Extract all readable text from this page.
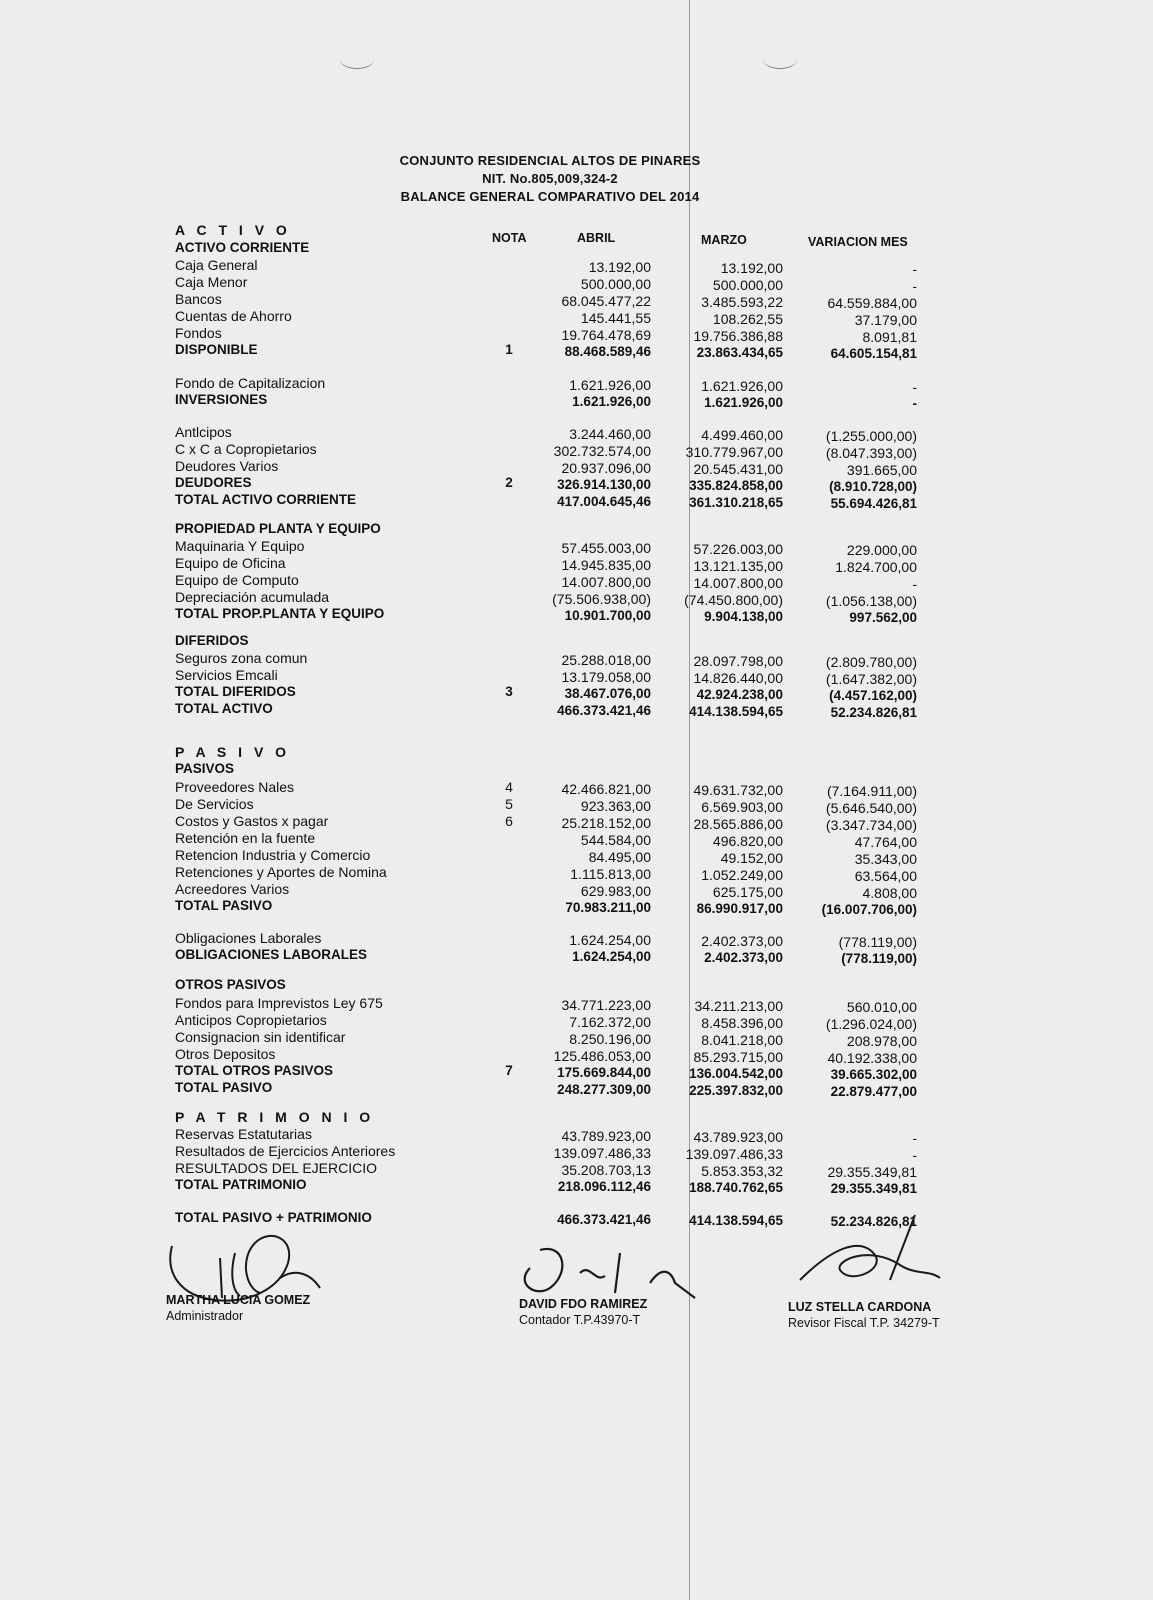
CONJUNTO RESIDENCIAL ALTOS DE PINARES
NIT. No.805,009,324-2
BALANCE GENERAL COMPARATIVO DEL 2014
NOTA	ABRIL	MARZO	VARIACION MES
A C T I V O
ACTIVO CORRIENTE
Caja General	13.192,00	13.192,00	-
Caja Menor	500.000,00	500.000,00	-
Bancos	68.045.477,22	3.485.593,22	64.559.884,00
Cuentas de Ahorro	145.441,55	108.262,55	37.179,00
Fondos	19.764.478,69	19.756.386,88	8.091,81
DISPONIBLE	1	88.468.589,46	23.863.434,65	64.605.154,81
Fondo de Capitalizacion	1.621.926,00	1.621.926,00	-
INVERSIONES	1.621.926,00	1.621.926,00	-
Antlcipos	3.244.460,00	4.499.460,00	(1.255.000,00)
C x C a Copropietarios	302.732.574,00 310.779.967,00	(8.047.393,00)
Deudores Varios	20.937.096,00	20.545.431,00	391.665,00
DEUDORES	2	326.914.130,00	335.824.858,00	(8.910.728,00)
TOTAL ACTIVO CORRIENTE	417.004.645,46	361.310.218,65	55.694.426,81
PROPIEDAD PLANTA Y EQUIPO
Maquinaria Y Equipo	57.455.003,00	57.226.003,00	229.000,00
Equipo de Oficina	14.945.835,00	13.121.135,00	1.824.700,00
Equipo de Computo	14.007.800,00	14.007.800,00	-
Depreciación acumulada	(75.506.938,00) (74.450.800,00)	(1.056.138,00)
TOTAL PROP.PLANTA Y EQUIPO	10.901.700,00	9.904.138,00	997.562,00
DIFERIDOS
Seguros zona comun	25.288.018,00	28.097.798,00	(2.809.780,00)
Servicios Emcali	13.179.058,00	14.826.440,00	(1.647.382,00)
TOTAL DIFERIDOS	3	38.467.076,00	42.924.238,00	(4.457.162,00)
TOTAL ACTIVO	466.373.421,46	414.138.594,65	52.234.826,81
P A S I V O
PASIVOS
Proveedores Nales	4	42.466.821,00	49.631.732,00	(7.164.911,00)
De Servicios	5	923.363,00	6.569.903,00	(5.646.540,00)
Costos y Gastos x pagar	6	25.218.152,00	28.565.886,00	(3.347.734,00)
Retención en la fuente	544.584,00	496.820,00	47.764,00
Retencion Industria y Comercio	84.495,00	49.152,00	35.343,00
Retenciones y Aportes de Nomina	1.115.813,00	1.052.249,00	63.564,00
Acreedores Varios	629.983,00	625.175,00	4.808,00
TOTAL PASIVO	70.983.211,00	86.990.917,00	(16.007.706,00)
Obligaciones Laborales	1.624.254,00	2.402.373,00	(778.119,00)
OBLIGACIONES LABORALES	1.624.254,00	2.402.373,00	(778.119,00)
OTROS PASIVOS
Fondos para Imprevistos Ley 675	34.771.223,00	34.211.213,00	560.010,00
Anticipos Copropietarios	7.162.372,00	8.458.396,00	(1.296.024,00)
Consignacion sin identificar	8.250.196,00	8.041.218,00	208.978,00
Otros Depositos	125.486.053,00	85.293.715,00	40.192.338,00
TOTAL OTROS PASIVOS	7	175.669.844,00	136.004.542,00	39.665.302,00
TOTAL PASIVO	248.277.309,00	225.397.832,00	22.879.477,00
P A T R I M O N I O
Reservas Estatutarias	43.789.923,00	43.789.923,00	-
Resultados de Ejercicios Anteriores	139.097.486,33 139.097.486,33	-
RESULTADOS DEL EJERCICIO	35.208.703,13	5.853.353,32	29.355.349,81
TOTAL PATRIMONIO	218.096.112,46	188.740.762,65	29.355.349,81
TOTAL PASIVO + PATRIMONIO	466.373.421,46	414.138.594,65	52.234.826,81
MARTHA LUCIA GOMEZ
Administrador
DAVID FDO RAMIREZ
Contador T.P.43970-T
LUZ STELLA CARDONA
Revisor Fiscal T.P. 34279-T
